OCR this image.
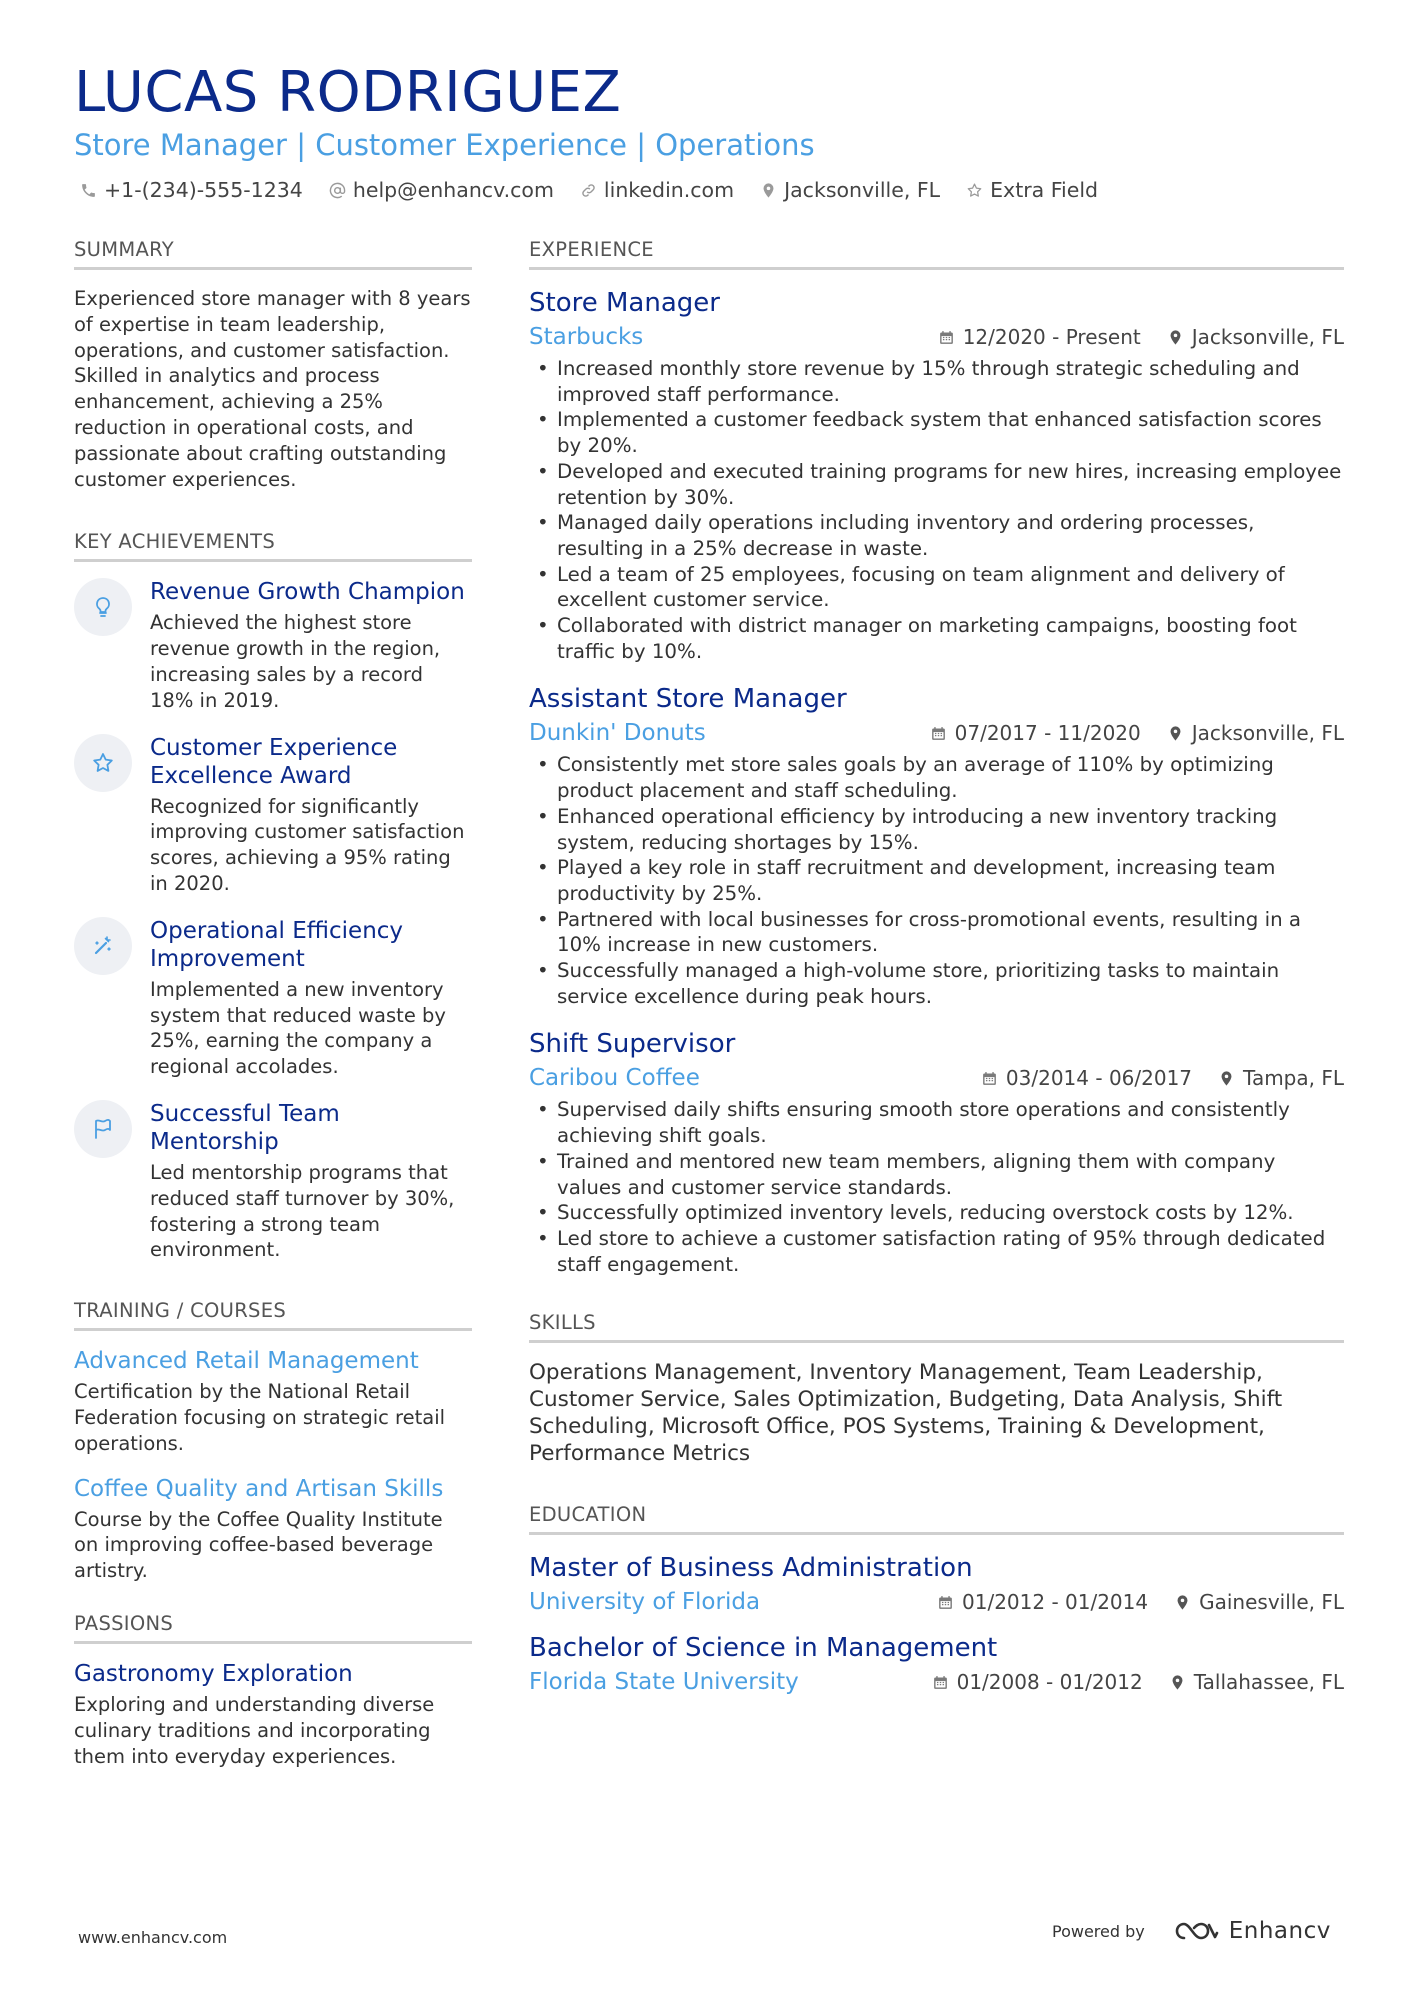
LUCAS RODRIGUEZ
Store Manager | Customer Experience | Operations
+1-(234)-555-1234 help@enhancv.com linkedin.com Jacksonville, FL Extra Field
SUMMARY
Experienced store manager with 8 years of expertise in team leadership, operations, and customer satisfaction. Skilled in analytics and process enhancement, achieving a 25% reduction in operational costs, and passionate about crafting outstanding customer experiences.
KEY ACHIEVEMENTS
Revenue Growth Champion
Achieved the highest store revenue growth in the region, increasing sales by a record 18% in 2019.
Customer Experience Excellence Award
Recognized for significantly improving customer satisfaction scores, achieving a 95% rating in 2020.
Operational Efficiency Improvement
Implemented a new inventory system that reduced waste by 25%, earning the company a regional accolades.
Successful Team Mentorship
Led mentorship programs that reduced staff turnover by 30%, fostering a strong team environment.
TRAINING / COURSES
Advanced Retail Management
Certification by the National Retail Federation focusing on strategic retail operations.
Coffee Quality and Artisan Skills
Course by the Coffee Quality Institute on improving coffee-based beverage artistry.
PASSIONS
Gastronomy Exploration
Exploring and understanding diverse culinary traditions and incorporating them into everyday experiences.
EXPERIENCE
Store Manager
Starbucks	12/2020 - Present	Jacksonville, FL
• Increased monthly store revenue by 15% through strategic scheduling and improved staff performance.
• Implemented a customer feedback system that enhanced satisfaction scores by 20%.
• Developed and executed training programs for new hires, increasing employee retention by 30%.
• Managed daily operations including inventory and ordering processes, resulting in a 25% decrease in waste.
• Led a team of 25 employees, focusing on team alignment and delivery of excellent customer service.
• Collaborated with district manager on marketing campaigns, boosting foot traffic by 10%.
Assistant Store Manager
Dunkin' Donuts	07/2017 - 11/2020	Jacksonville, FL
• Consistently met store sales goals by an average of 110% by optimizing product placement and staff scheduling.
• Enhanced operational efficiency by introducing a new inventory tracking system, reducing shortages by 15%.
• Played a key role in staff recruitment and development, increasing team productivity by 25%.
• Partnered with local businesses for cross-promotional events, resulting in a 10% increase in new customers.
• Successfully managed a high-volume store, prioritizing tasks to maintain service excellence during peak hours.
Shift Supervisor
Caribou Coffee	03/2014 - 06/2017	Tampa, FL
• Supervised daily shifts ensuring smooth store operations and consistently achieving shift goals.
• Trained and mentored new team members, aligning them with company values and customer service standards.
• Successfully optimized inventory levels, reducing overstock costs by 12%.
• Led store to achieve a customer satisfaction rating of 95% through dedicated staff engagement.
SKILLS
Operations Management, Inventory Management, Team Leadership, Customer Service, Sales Optimization, Budgeting, Data Analysis, Shift Scheduling, Microsoft Office, POS Systems, Training & Development, Performance Metrics
EDUCATION
Master of Business Administration
University of Florida	01/2012 - 01/2014	Gainesville, FL
Bachelor of Science in Management
Florida State University	01/2008 - 01/2012	Tallahassee, FL
www.enhancv.com	Powered by	Enhancv
